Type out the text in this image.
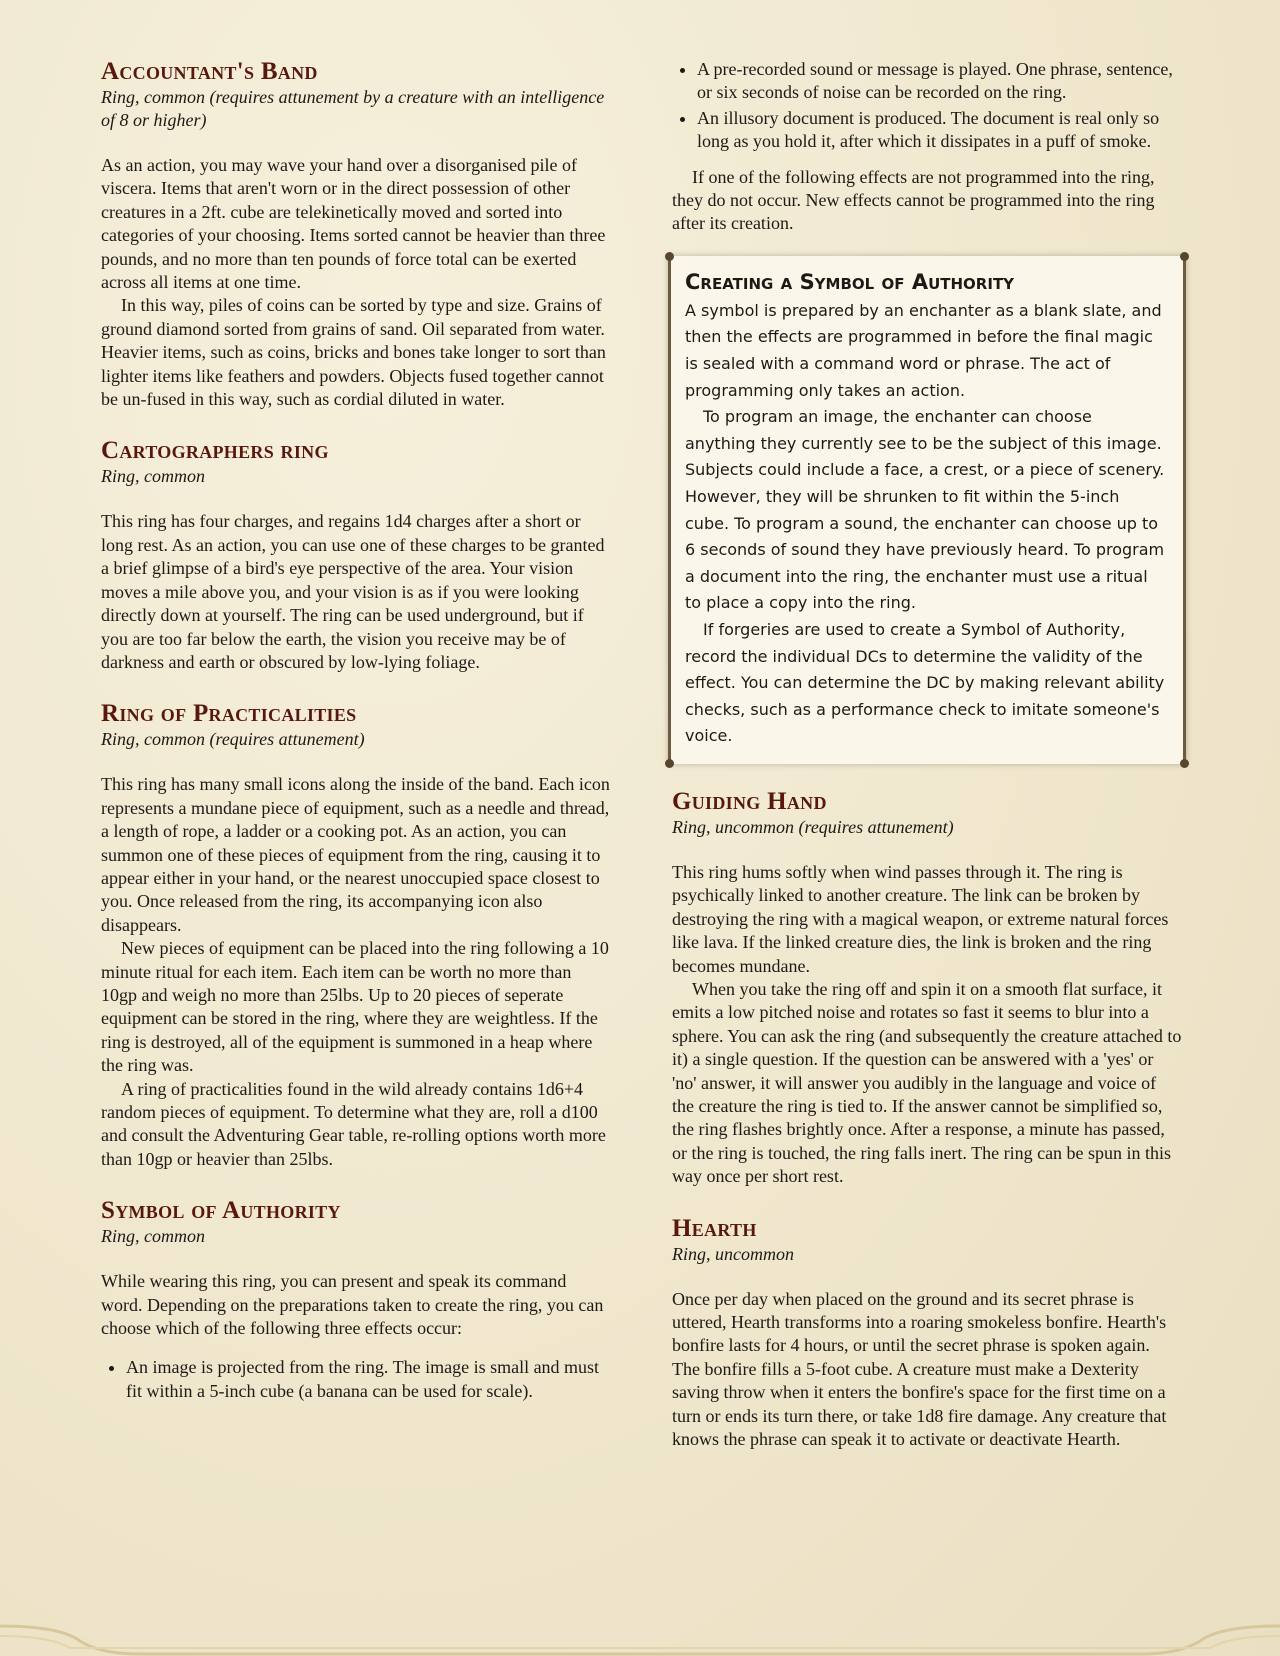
Accountant's Band
Ring, common (requires attunement by a creature with an intelligence of 8 or higher)

As an action, you may wave your hand over a disorganised pile of viscera. Items that aren't worn or in the direct possession of other creatures in a 2ft. cube are telekinetically moved and sorted into categories of your choosing. Items sorted cannot be heavier than three pounds, and no more than ten pounds of force total can be exerted across all items at one time.

In this way, piles of coins can be sorted by type and size. Grains of ground diamond sorted from grains of sand. Oil separated from water. Heavier items, such as coins, bricks and bones take longer to sort than lighter items like feathers and powders. Objects fused together cannot be un-fused in this way, such as cordial diluted in water.

Cartographers ring
Ring, common

This ring has four charges, and regains 1d4 charges after a short or long rest. As an action, you can use one of these charges to be granted a brief glimpse of a bird's eye perspective of the area. Your vision moves a mile above you, and your vision is as if you were looking directly down at yourself. The ring can be used underground, but if you are too far below the earth, the vision you receive may be of darkness and earth or obscured by low-lying foliage.

Ring of Practicalities
Ring, common (requires attunement)

This ring has many small icons along the inside of the band. Each icon represents a mundane piece of equipment, such as a needle and thread, a length of rope, a ladder or a cooking pot. As an action, you can summon one of these pieces of equipment from the ring, causing it to appear either in your hand, or the nearest unoccupied space closest to you. Once released from the ring, its accompanying icon also disappears.

New pieces of equipment can be placed into the ring following a 10 minute ritual for each item. Each item can be worth no more than 10gp and weigh no more than 25lbs. Up to 20 pieces of seperate equipment can be stored in the ring, where they are weightless. If the ring is destroyed, all of the equipment is summoned in a heap where the ring was.

A ring of practicalities found in the wild already contains 1d6+4 random pieces of equipment. To determine what they are, roll a d100 and consult the Adventuring Gear table, re-rolling options worth more than 10gp or heavier than 25lbs.

Symbol of Authority
Ring, common

While wearing this ring, you can present and speak its command word. Depending on the preparations taken to create the ring, you can choose which of the following three effects occur:

• An image is projected from the ring. The image is small and must fit within a 5-inch cube (a banana can be used for scale).
• A pre-recorded sound or message is played. One phrase, sentence, or six seconds of noise can be recorded on the ring.
• An illusory document is produced. The document is real only so long as you hold it, after which it dissipates in a puff of smoke.

If one of the following effects are not programmed into the ring, they do not occur. New effects cannot be programmed into the ring after its creation.

Creating a Symbol of Authority

A symbol is prepared by an enchanter as a blank slate, and then the effects are programmed in before the final magic is sealed with a command word or phrase. The act of programming only takes an action.

To program an image, the enchanter can choose anything they currently see to be the subject of this image. Subjects could include a face, a crest, or a piece of scenery. However, they will be shrunken to fit within the 5-inch cube. To program a sound, the enchanter can choose up to 6 seconds of sound they have previously heard. To program a document into the ring, the enchanter must use a ritual to place a copy into the ring.

If forgeries are used to create a Symbol of Authority, record the individual DCs to determine the validity of the effect. You can determine the DC by making relevant ability checks, such as a performance check to imitate someone's voice.

Guiding Hand
Ring, uncommon (requires attunement)

This ring hums softly when wind passes through it. The ring is psychically linked to another creature. The link can be broken by destroying the ring with a magical weapon, or extreme natural forces like lava. If the linked creature dies, the link is broken and the ring becomes mundane.

When you take the ring off and spin it on a smooth flat surface, it emits a low pitched noise and rotates so fast it seems to blur into a sphere. You can ask the ring (and subsequently the creature attached to it) a single question. If the question can be answered with a 'yes' or 'no' answer, it will answer you audibly in the language and voice of the creature the ring is tied to. If the answer cannot be simplified so, the ring flashes brightly once. After a response, a minute has passed, or the ring is touched, the ring falls inert. The ring can be spun in this way once per short rest.

Hearth
Ring, uncommon

Once per day when placed on the ground and its secret phrase is uttered, Hearth transforms into a roaring smokeless bonfire. Hearth's bonfire lasts for 4 hours, or until the secret phrase is spoken again. The bonfire fills a 5-foot cube. A creature must make a Dexterity saving throw when it enters the bonfire's space for the first time on a turn or ends its turn there, or take 1d8 fire damage. Any creature that knows the phrase can speak it to activate or deactivate Hearth.
